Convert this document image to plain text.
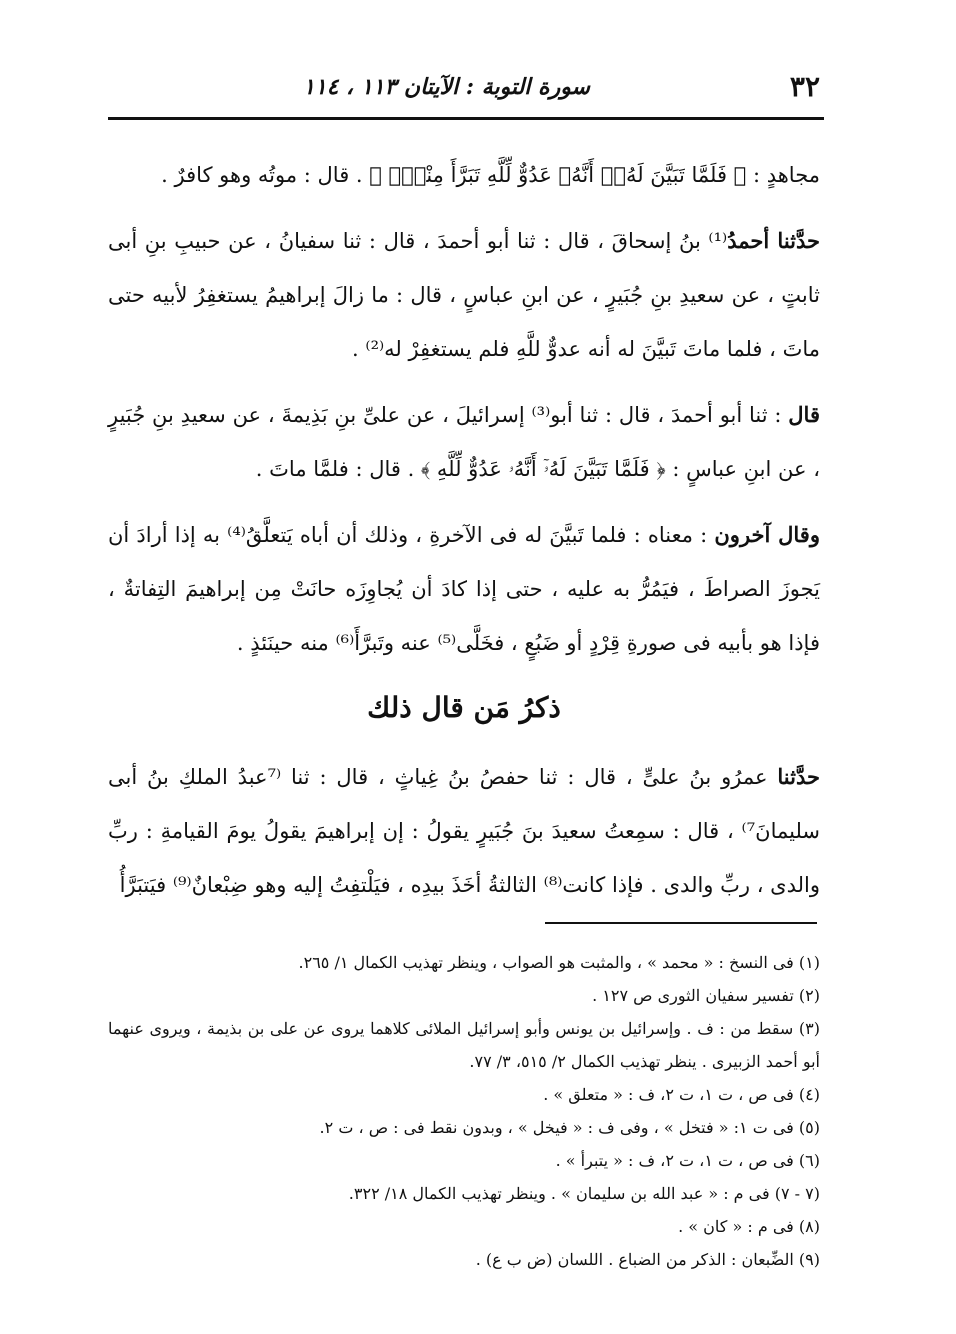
٣٢
سورة التوبة : الآيتان ١١٣ ، ١١٤

مجاهدٍ : ﴿ فَلَمَّا تَبَيَّنَ لَهُۥٓ أَنَّهُۥ عَدُوٌّ لِّلَّهِ تَبَرَّأَ مِنْهُۚ ﴾ . قال : موتُه وهو كافرٌ .

حدَّثنا أحمدُ⁽¹⁾ بنُ إسحاقَ ، قال : ثنا أبو أحمدَ ، قال : ثنا سفيانُ ، عن حبيبِ بنِ أبى ثابتٍ ، عن سعيدِ بنِ جُبَيرٍ ، عن ابنِ عباسٍ ، قال : ما زالَ إبراهيمُ يستغفِرُ لأبيه حتى ماتَ ، فلما ماتَ تَبيَّنَ له أنه عدوٌّ للَّهِ فلم يستغفِرْ له⁽²⁾ .

قال : ثنا أبو أحمدَ ، قال : ثنا أبو⁽³⁾ إسرائيلَ ، عن علىِّ بنِ بَذِيمةَ ، عن سعيدِ بنِ جُبَيرٍ ، عن ابنِ عباسٍ : ﴿ فَلَمَّا تَبَيَّنَ لَهُۥٓ أَنَّهُۥ عَدُوٌّ لِّلَّهِ ﴾ . قال : فلمَّا ماتَ .

وقال آخرون : معناه : فلما تَبيَّنَ له فى الآخرةِ ، وذلك أن أباه يَتعلَّقُ⁽⁴⁾ به إذا أرادَ أن يَجوزَ الصراطَ ، فيَمُرُّ به عليه ، حتى إذا كادَ أن يُجاوِزَه حانَتْ مِن إبراهيمَ التِفاتةٌ ، فإذا هو بأبيه فى صورةِ قِرْدٍ أو ضَبُعٍ ، فخَلَّى⁽⁵⁾ عنه وتَبرَّأَ⁽⁶⁾ منه حينَئذٍ .

ذكرُ مَن قال ذلك

حدَّثنا عمرُو بنُ علىٍّ ، قال : ثنا حفصُ بنُ غِياثٍ ، قال : ثنا ⁽⁷عبدُ الملكِ بنُ أبى سليمانَ⁷⁾ ، قال : سمِعتُ سعيدَ بنَ جُبَيرٍ يقولُ : إن إبراهيمَ يقولُ يومَ القيامةِ : ربِّ والدى ، ربِّ والدى . فإذا كانت⁽⁸⁾ الثالثةُ أخَذَ بيدِه ، فيَلْتفِتُ إليه وهو ضِبْعانٌ⁽⁹⁾ فيَتبَرَّأُ

(١) فى النسخ : « محمد » ، والمثبت هو الصواب ، وينظر تهذيب الكمال ١/ ٢٦٥.

(٢) تفسير سفيان الثورى ص ١٢٧ .

(٣) سقط من : ف . وإسرائيل بن يونس وأبو إسرائيل الملائى كلاهما يروى عن على بن بذيمة ، ويروى عنهما أبو أحمد الزبيرى . ينظر تهذيب الكمال ٢/ ٥١٥، ٣/ ٧٧.

(٤) فى ص ، ت ١، ت ٢، ف : « متعلق » .

(٥) فى ت ١: « فتخل » ، وفى ف : « فيخل » ، وبدون نقط فى : ص ، ت ٢.

(٦) فى ص ، ت ١، ت ٢، ف : « يتبرأ » .

(٧ - ٧) فى م : « عبد الله بن سليمان » . وينظر تهذيب الكمال ١٨/ ٣٢٢.

(٨) فى م : « كان » .

(٩) الضِّبعان : الذكر من الضباع . اللسان (ض ب ع) .
